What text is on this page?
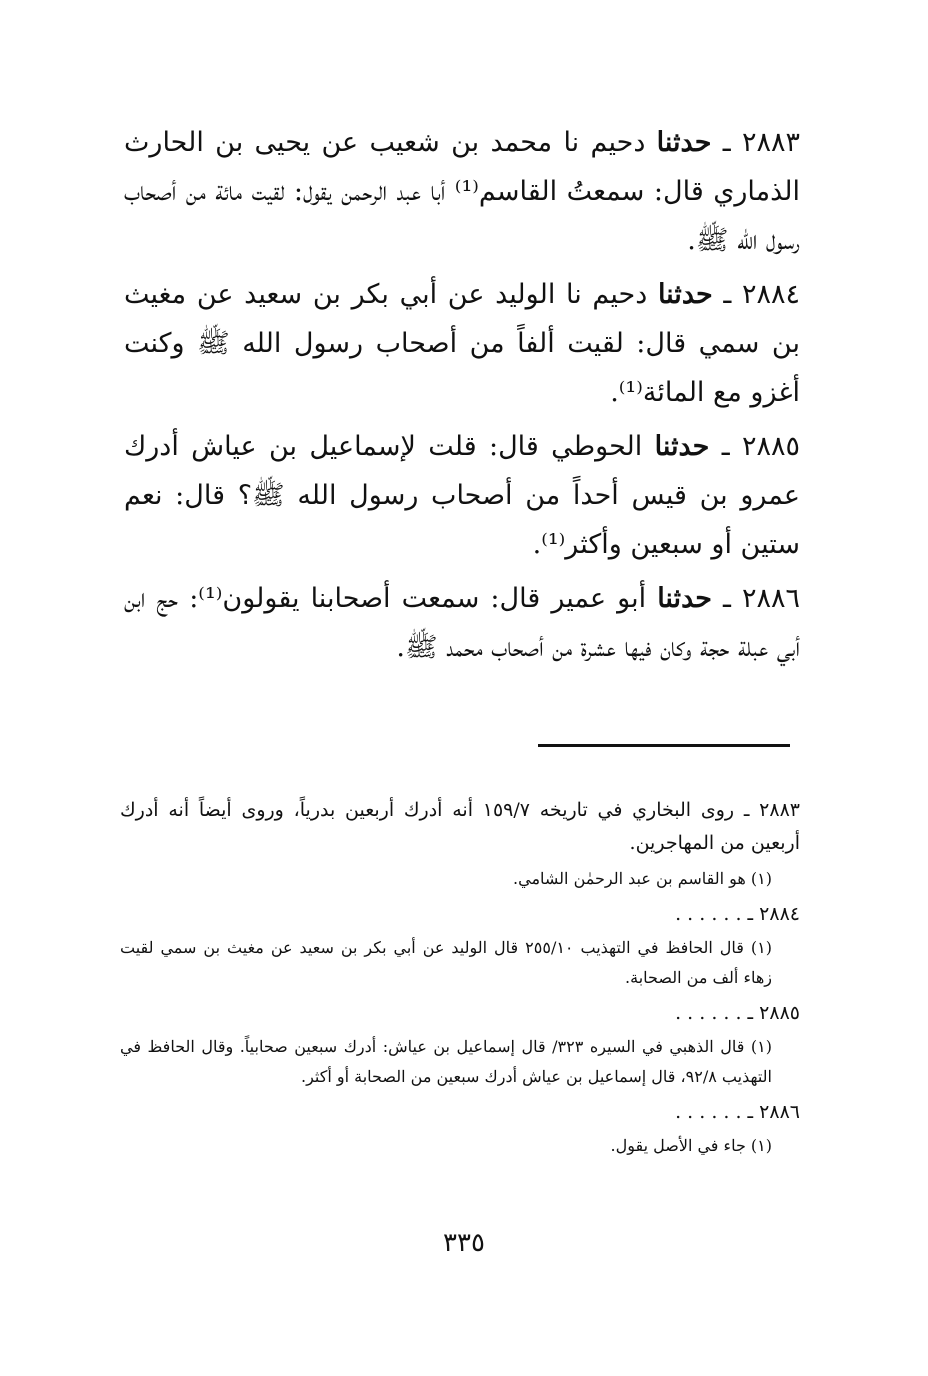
٢٨٨٣ ـ حدثنا دحيم نا محمد بن شعيب عن يحيى بن الحارث الذماري قال: سمعتُ القاسم⁽¹⁾ أبا عبد الرحمن يقول: لقيت مائة من أصحاب رسول الله ﷺ.

٢٨٨٤ ـ حدثنا دحيم نا الوليد عن أبي بكر بن سعيد عن مغيث بن سمي قال: لقيت ألفاً من أصحاب رسول الله ﷺ وكنت أغزو مع المائة⁽¹⁾.

٢٨٨٥ ـ حدثنا الحوطي قال: قلت لإسماعيل بن عياش أدرك عمرو بن قيس أحداً من أصحاب رسول الله ﷺ؟ قال: نعم ستين أو سبعين وأكثر⁽¹⁾.

٢٨٨٦ ـ حدثنا أبو عمير قال: سمعت أصحابنا يقولون⁽¹⁾: حج ابن أبي عبلة حجة وكان فيها عشرة من أصحاب محمد ﷺ.

٢٨٨٣ ـ روى البخاري في تاريخه ١٥٩/٧ أنه أدرك أربعين بدرياً، وروى أيضاً أنه أدرك أربعين من المهاجرين.

(١) هو القاسم بن عبد الرحمٰن الشامي.

٢٨٨٤ ـ . . . . . .

(١) قال الحافظ في التهذيب ٢٥٥/١٠ قال الوليد عن أبي بكر بن سعيد عن مغيث بن سمي لقيت زهاء ألف من الصحابة.

٢٨٨٥ ـ . . . . . .

(١) قال الذهبي في السيره ٣٢٣/ قال إسماعيل بن عياش: أدرك سبعين صحابياً. وقال الحافظ في التهذيب ٩٢/٨، قال إسماعيل بن عياش أدرك سبعين من الصحابة أو أكثر.

٢٨٨٦ ـ . . . . . .

(١) جاء في الأصل يقول.

٣٣٥
